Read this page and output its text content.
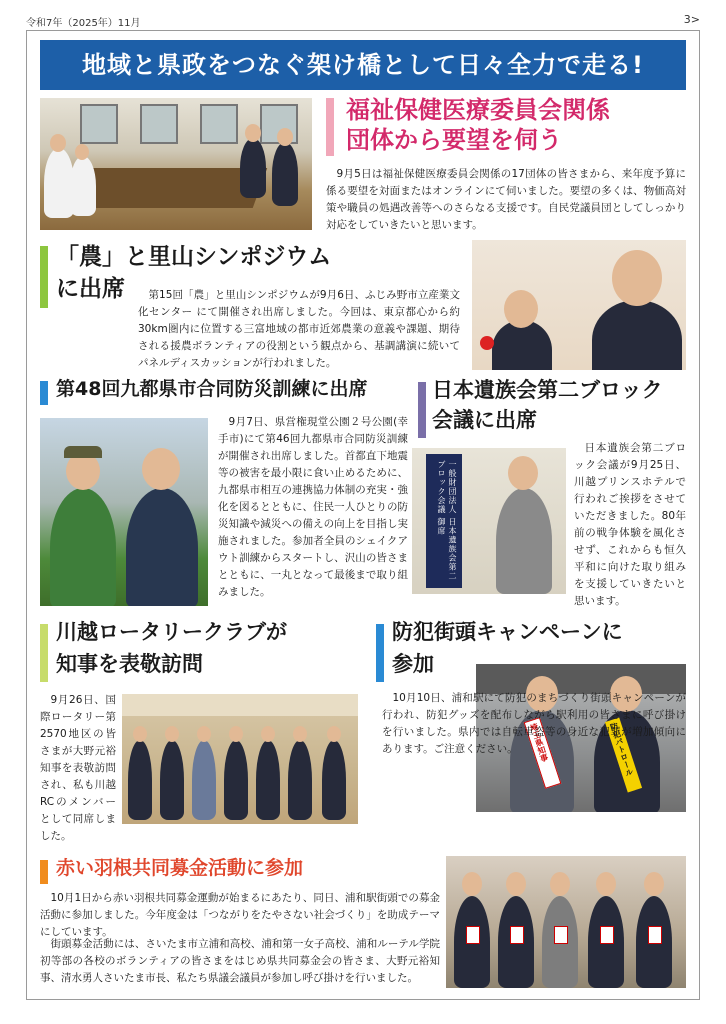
令和7年（2025年）11月	3>
地域と県政をつなぐ架け橋として日々全力で走る!
福祉保健医療委員会関係
団体から要望を伺う
9月5日は福祉保健医療委員会関係の17団体の皆さまから、来年度予算に係る要望を対面またはオンラインにて伺いました。要望の多くは、物価高対策や職員の処遇改善等へのさらなる支援です。自民党議員団としてしっかり対応をしていきたいと思います。
「農」と里山シンポジウム
に出席	第15回「農」と里山シンポジウムが9月6日、ふじみ野市立産業文化センター にて開催され出席しました。今回は、東京都心から約30km圏内に位置する三富地域の都市近郊農業の意義や課題、期待される援農ボランティアの役割という観点から、基調講演に続いてパネルディスカッションが行われました。
第48回九都県市合同防災訓練に出席
9月7日、県営権現堂公園２号公園(幸手市)にて第46回九都県市合同防災訓練が開催され出席しました。首都直下地震等の被害を最小限に食い止めるために、九都県市相互の連携協力体制の充実・強化を図るとともに、住民一人ひとりの防災知識や減災への備えの向上を目指し実施されました。参加者全員のシェイクアウト訓練からスタートし、沢山の皆さまとともに、一丸となって最後まで取り組みました。
日本遺族会第二ブロック
会議に出席
一般財団法人 日本遺族会第二ブロック会議 御席
日本遺族会第二ブロック会議が9月25日、川越プリンスホテルで行われご挨拶をさせていただきました。80年前の戦争体験を風化させず、これからも恒久平和に向けた取り組みを支援していきたいと思います。
川越ロータリークラブが
知事を表敬訪問
9月26日、国際ロータリー第2570地区の皆さまが大野元裕知事を表敬訪問され、私も川越RCのメンバーとして同席しました。
防犯街頭キャンペーンに
参加
埼玉県知事	防犯パトロール
10月10日、浦和駅にて防犯のまちづくり街頭キャンペーンが行われ、防犯グッズを配布しながら駅利用の皆さまに呼び掛けを行いました。県内では自転車盗等の身近な犯罪が増加傾向にあります。ご注意ください。
赤い羽根共同募金活動に参加
10月1日から赤い羽根共同募金運動が始まるにあたり、同日、浦和駅街頭での募金活動に参加しました。今年度金は「つながりをたやさない社会づくり」を助成テーマにしています。
街頭募金活動には、さいたま市立浦和高校、浦和第一女子高校、浦和ルーテル学院初等部の各校のボランティアの皆さまをはじめ県共同募金会の皆さま、大野元裕知事、清水勇人さいたま市長、私たち県議会議員が参加し呼び掛けを行いました。
